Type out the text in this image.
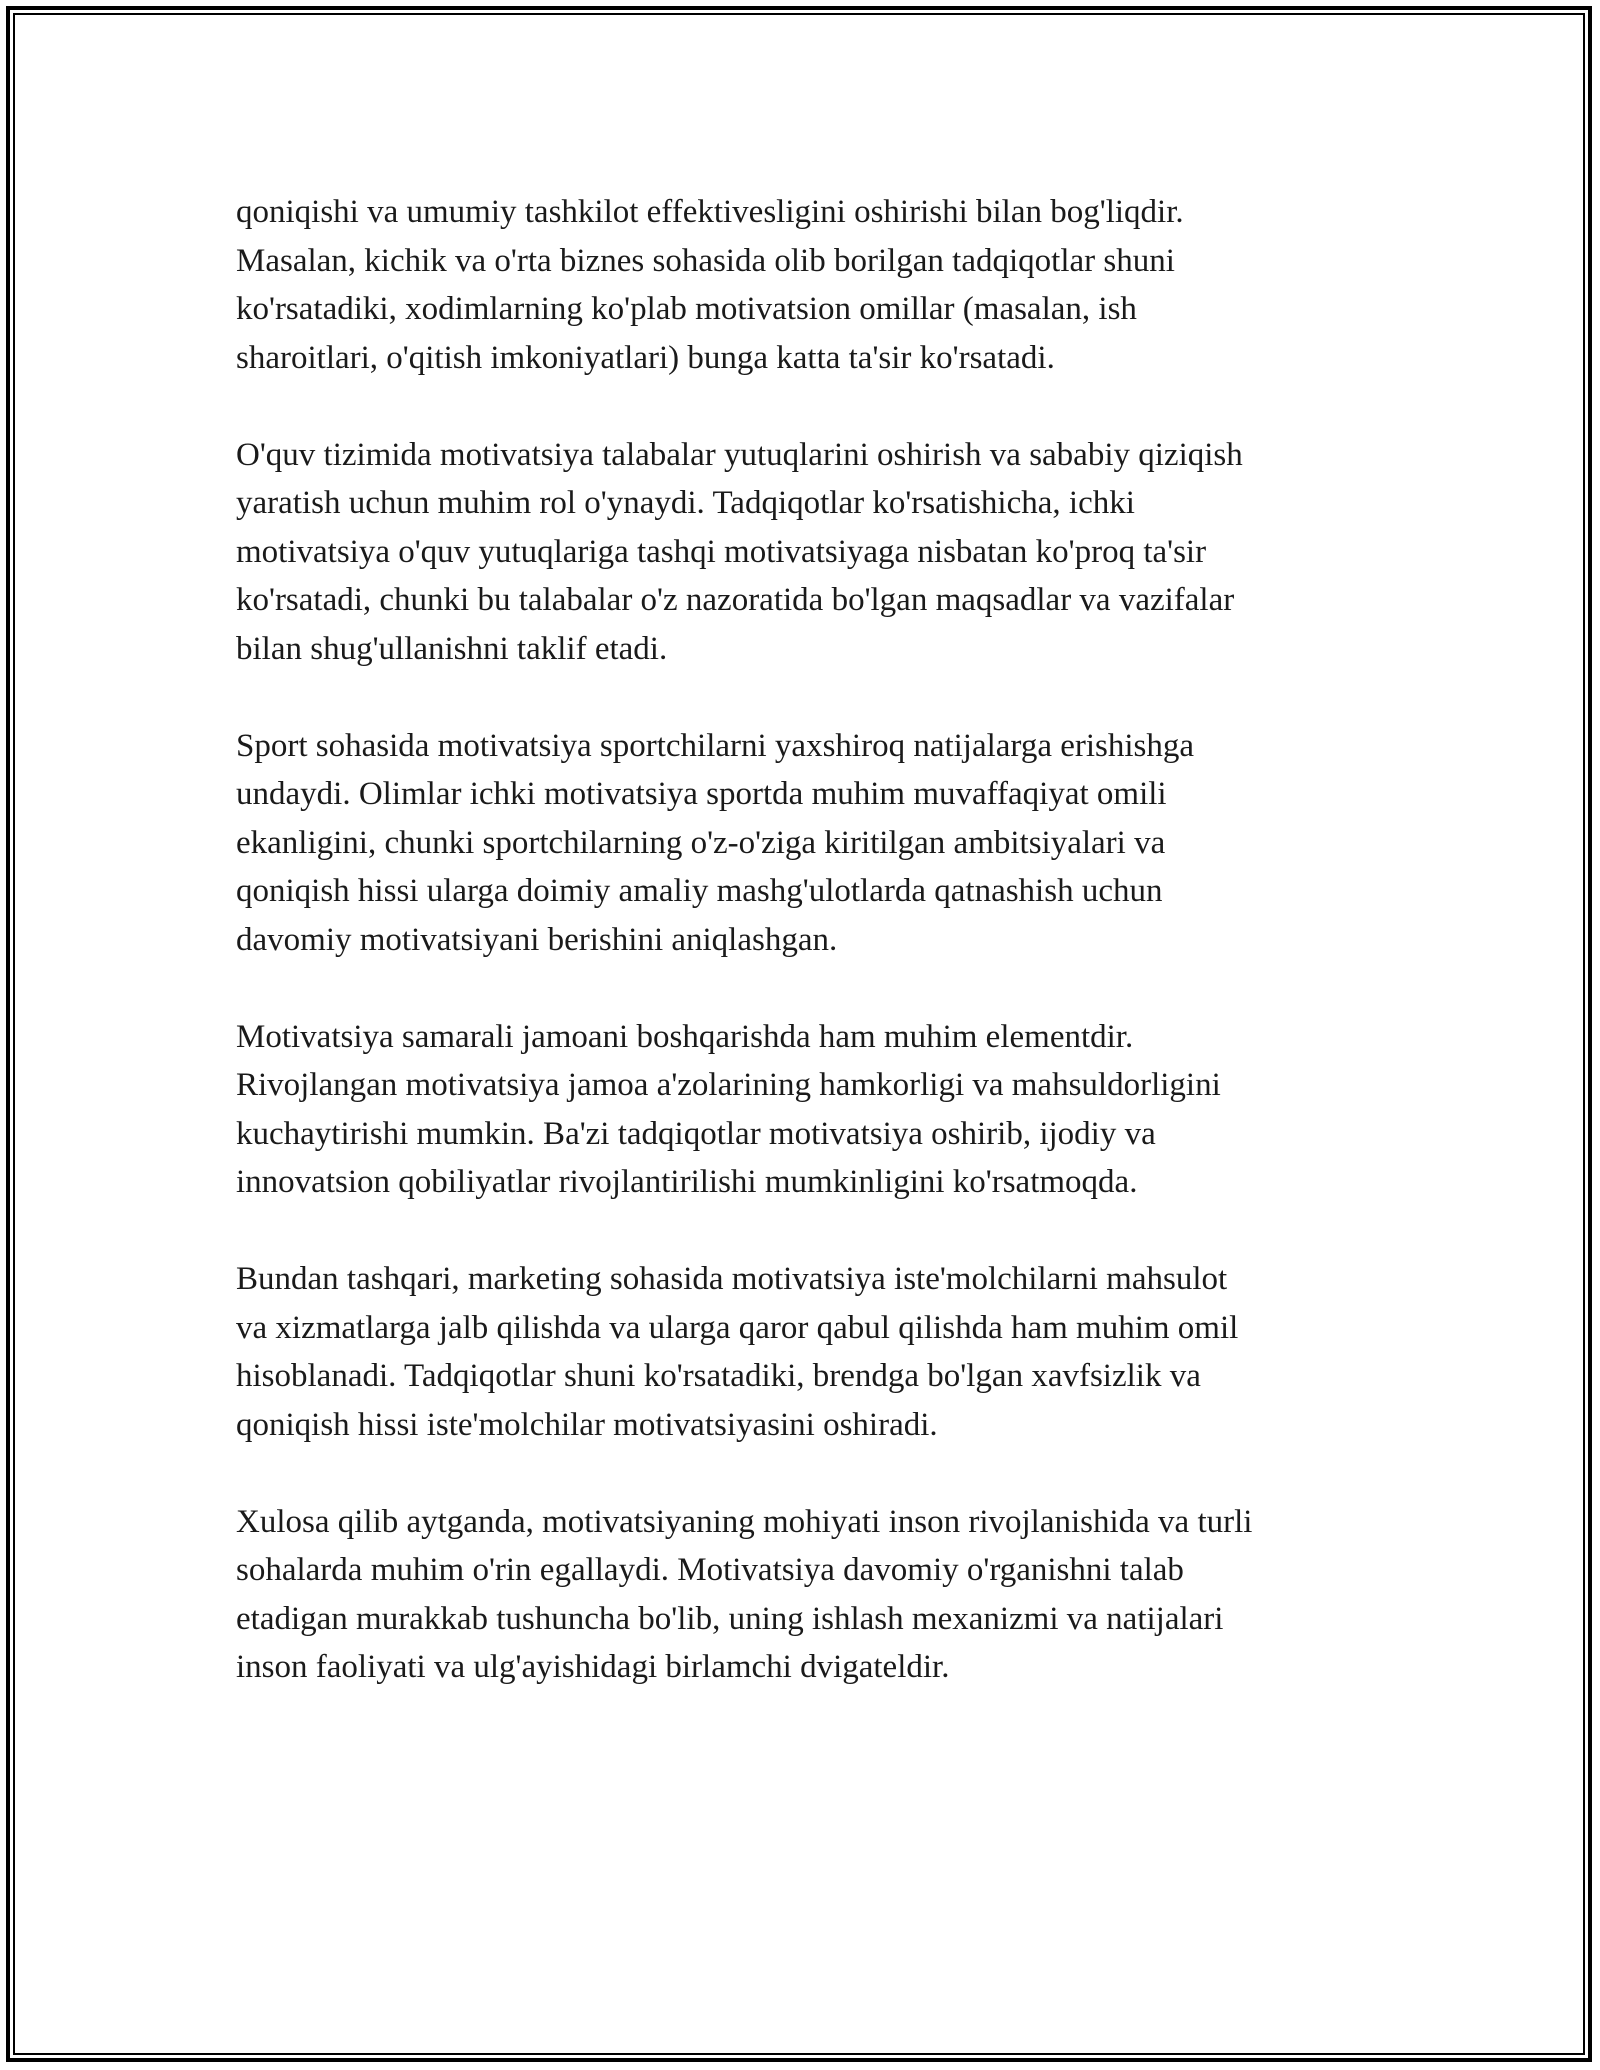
qoniqishi va umumiy tashkilot effektivesligini oshirishi bilan bog'liqdir.
Masalan, kichik va o'rta biznes sohasida olib borilgan tadqiqotlar shuni
ko'rsatadiki, xodimlarning ko'plab motivatsion omillar (masalan, ish
sharoitlari, o'qitish imkoniyatlari) bunga katta ta'sir ko'rsatadi.

O'quv tizimida motivatsiya talabalar yutuqlarini oshirish va sababiy qiziqish
yaratish uchun muhim rol o'ynaydi. Tadqiqotlar ko'rsatishicha, ichki
motivatsiya o'quv yutuqlariga tashqi motivatsiyaga nisbatan ko'proq ta'sir
ko'rsatadi, chunki bu talabalar o'z nazoratida bo'lgan maqsadlar va vazifalar
bilan shug'ullanishni taklif etadi.

Sport sohasida motivatsiya sportchilarni yaxshiroq natijalarga erishishga
undaydi. Olimlar ichki motivatsiya sportda muhim muvaffaqiyat omili
ekanligini, chunki sportchilarning o'z-o'ziga kiritilgan ambitsiyalari va
qoniqish hissi ularga doimiy amaliy mashg'ulotlarda qatnashish uchun
davomiy motivatsiyani berishini aniqlashgan.

Motivatsiya samarali jamoani boshqarishda ham muhim elementdir.
Rivojlangan motivatsiya jamoa a'zolarining hamkorligi va mahsuldorligini
kuchaytirishi mumkin. Ba'zi tadqiqotlar motivatsiya oshirib, ijodiy va
innovatsion qobiliyatlar rivojlantirilishi mumkinligini ko'rsatmoqda.

Bundan tashqari, marketing sohasida motivatsiya iste'molchilarni mahsulot
va xizmatlarga jalb qilishda va ularga qaror qabul qilishda ham muhim omil
hisoblanadi. Tadqiqotlar shuni ko'rsatadiki, brendga bo'lgan xavfsizlik va
qoniqish hissi iste'molchilar motivatsiyasini oshiradi.

Xulosa qilib aytganda, motivatsiyaning mohiyati inson rivojlanishida va turli
sohalarda muhim o'rin egallaydi. Motivatsiya davomiy o'rganishni talab
etadigan murakkab tushuncha bo'lib, uning ishlash mexanizmi va natijalari
inson faoliyati va ulg'ayishidagi birlamchi dvigateldir.
